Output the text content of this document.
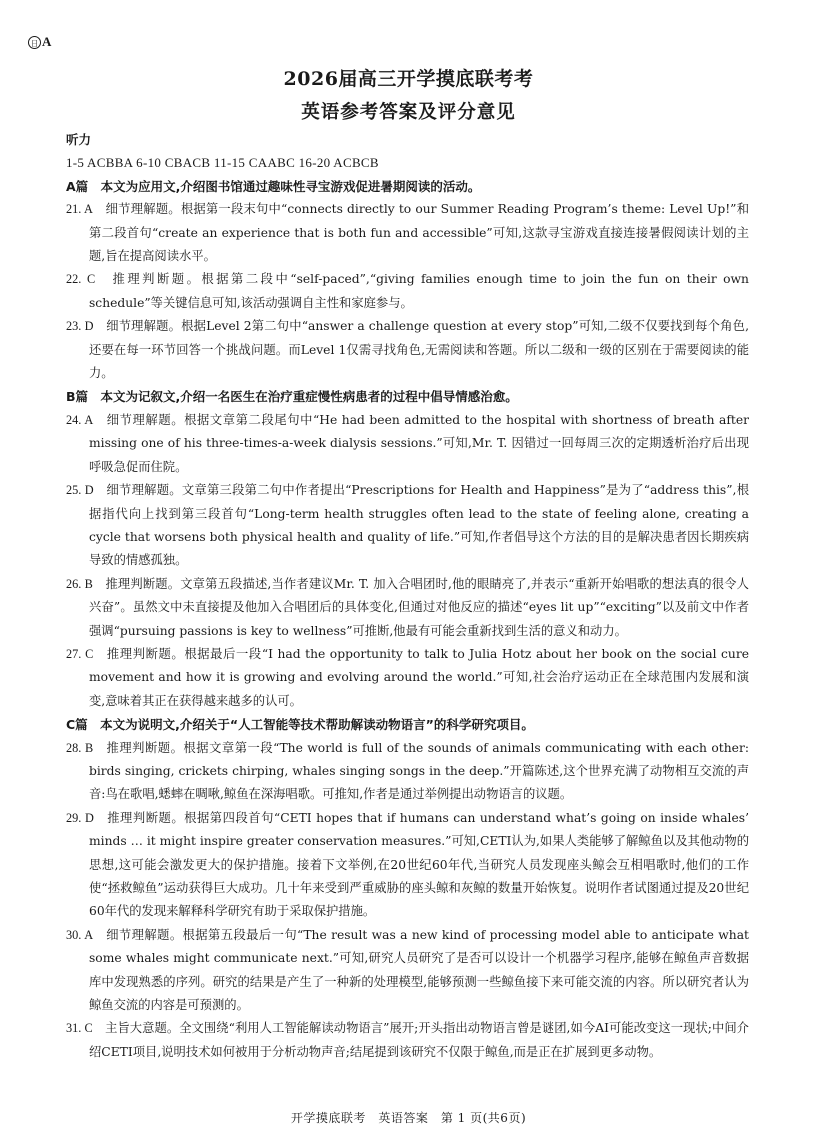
日 A
2026届高三开学摸底联考考
英语参考答案及评分意见

听力

1-5 ACBBA 6-10 CBACB 11-15 CAABC 16-20 ACBCB

A篇　本文为应用文,介绍图书馆通过趣味性寻宝游戏促进暑期阅读的活动。

21. A　 细节理解题。根据第一段末句中“connects directly to our Summer Reading Program’s theme: Level Up!”和第二段首句“create an experience that is both fun and accessible”可知,这款寻宝游戏直接连接暑假阅读计划的主题,旨在提高阅读水平。

22. C　 推理判断题。根据第二段中“self-paced”,“giving families enough time to join the fun on their own schedule”等关键信息可知,该活动强调自主性和家庭参与。

23. D　 细节理解题。根据Level 2第二句中“answer a challenge question at every stop”可知,二级不仅要找到每个角色,还要在每一环节回答一个挑战问题。而Level 1仅需寻找角色,无需阅读和答题。所以二级和一级的区别在于需要阅读的能力。

B篇　本文为记叙文,介绍一名医生在治疗重症慢性病患者的过程中倡导情感治愈。

24. A　 细节理解题。根据文章第二段尾句中“He had been admitted to the hospital with shortness of breath after missing one of his three-times-a-week dialysis sessions.”可知,Mr. T. 因错过一回每周三次的定期透析治疗后出现呼吸急促而住院。

25. D　 细节理解题。文章第三段第二句中作者提出“Prescriptions for Health and Happiness”是为了“address this”,根据指代向上找到第三段首句“Long-term health struggles often lead to the state of feeling alone, creating a cycle that worsens both physical health and quality of life.”可知,作者倡导这个方法的目的是解决患者因长期疾病导致的情感孤独。

26. B　 推理判断题。文章第五段描述,当作者建议Mr. T. 加入合唱团时,他的眼睛亮了,并表示“重新开始唱歌的想法真的很令人兴奋”。虽然文中未直接提及他加入合唱团后的具体变化,但通过对他反应的描述“eyes lit up”“exciting”以及前文中作者强调“pursuing passions is key to wellness”可推断,他最有可能会重新找到生活的意义和动力。

27. C　 推理判断题。根据最后一段“I had the opportunity to talk to Julia Hotz about her book on the social cure movement and how it is growing and evolving around the world.”可知,社会治疗运动正在全球范围内发展和演变,意味着其正在获得越来越多的认可。

C篇　本文为说明文,介绍关于“人工智能等技术帮助解读动物语言”的科学研究项目。

28. B　 推理判断题。根据文章第一段“The world is full of the sounds of animals communicating with each other: birds singing, crickets chirping, whales singing songs in the deep.”开篇陈述,这个世界充满了动物相互交流的声音:鸟在歌唱,蟋蟀在啁啾,鲸鱼在深海唱歌。可推知,作者是通过举例提出动物语言的议题。

29. D　 推理判断题。根据第四段首句“CETI hopes that if humans can understand what’s going on inside whales’ minds … it might inspire greater conservation measures.”可知,CETI认为,如果人类能够了解鲸鱼以及其他动物的思想,这可能会激发更大的保护措施。接着下文举例,在20世纪60年代,当研究人员发现座头鲸会互相唱歌时,他们的工作使“拯救鲸鱼”运动获得巨大成功。几十年来受到严重威胁的座头鲸和灰鲸的数量开始恢复。说明作者试图通过提及20世纪60年代的发现来解释科学研究有助于采取保护措施。

30. A　 细节理解题。根据第五段最后一句“The result was a new kind of processing model able to anticipate what some whales might communicate next.”可知,研究人员研究了是否可以设计一个机器学习程序,能够在鲸鱼声音数据库中发现熟悉的序列。研究的结果是产生了一种新的处理模型,能够预测一些鲸鱼接下来可能交流的内容。所以研究者认为鲸鱼交流的内容是可预测的。

31. C　 主旨大意题。全文围绕“利用人工智能解读动物语言”展开;开头指出动物语言曾是谜团,如今AI可能改变这一现状;中间介绍CETI项目,说明技术如何被用于分析动物声音;结尾提到该研究不仅限于鲸鱼,而是正在扩展到更多动物。

开学摸底联考　英语答案　第 1 页(共6页)
